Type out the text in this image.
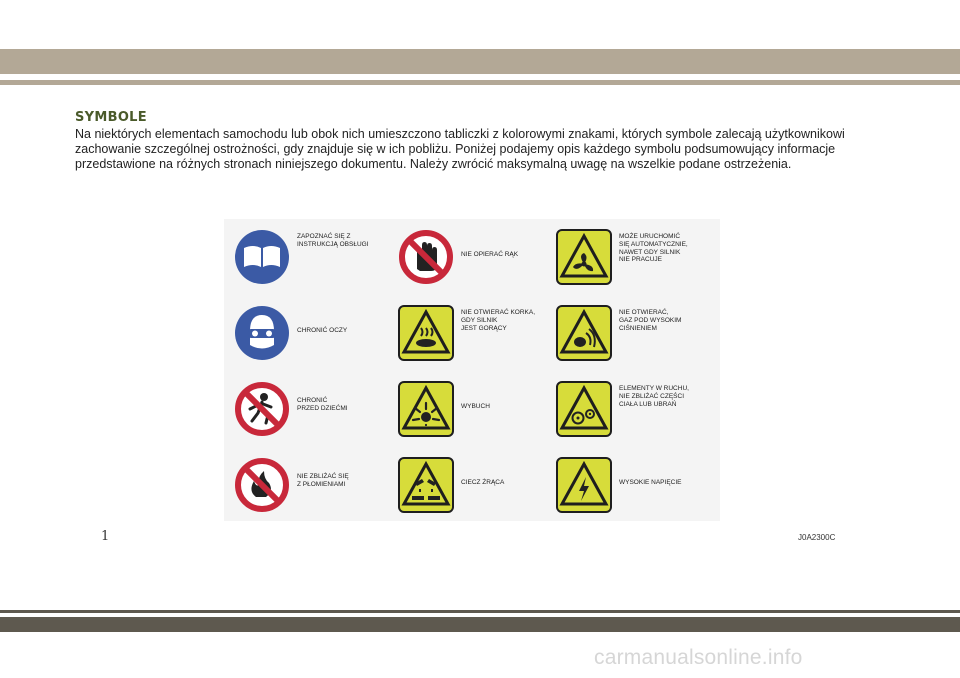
SYMBOLE

Na niektórych elementach samochodu lub obok nich umieszczono tabliczki z kolorowymi znakami, których symbole zalecają użytkownikowi zachowanie szczególnej ostrożności, gdy znajduje się w ich pobliżu. Poniżej podajemy opis każdego symbolu podsumowujący informacje przedstawione na różnych stronach niniejszego dokumentu. Należy zwrócić maksymalną uwagę na wszelkie podane ostrzeżenia.

ZAPOZNAĆ SIĘ Z
INSTRUKCJĄ OBSŁUGI
CHRONIĆ OCZY
CHRONIĆ
PRZED DZIEĆMI
NIE ZBLIŻAĆ SIĘ
Z PŁOMIENIAMI
NIE OPIERAĆ RĄK
NIE OTWIERAĆ KORKA,
GDY SILNIK
JEST GORĄCY
WYBUCH
CIECZ ŻRĄCA
MOŻE URUCHOMIĆ
SIĘ AUTOMATYCZNIE,
NAWET GDY SILNIK
NIE PRACUJE
NIE OTWIERAĆ,
GAZ POD WYSOKIM
CIŚNIENIEM
ELEMENTY W RUCHU,
NIE ZBLIŻAĆ CZĘŚCI
CIAŁA LUB UBRAŃ
WYSOKIE NAPIĘCIE
1	J0A2300C
carmanualsonline.info
